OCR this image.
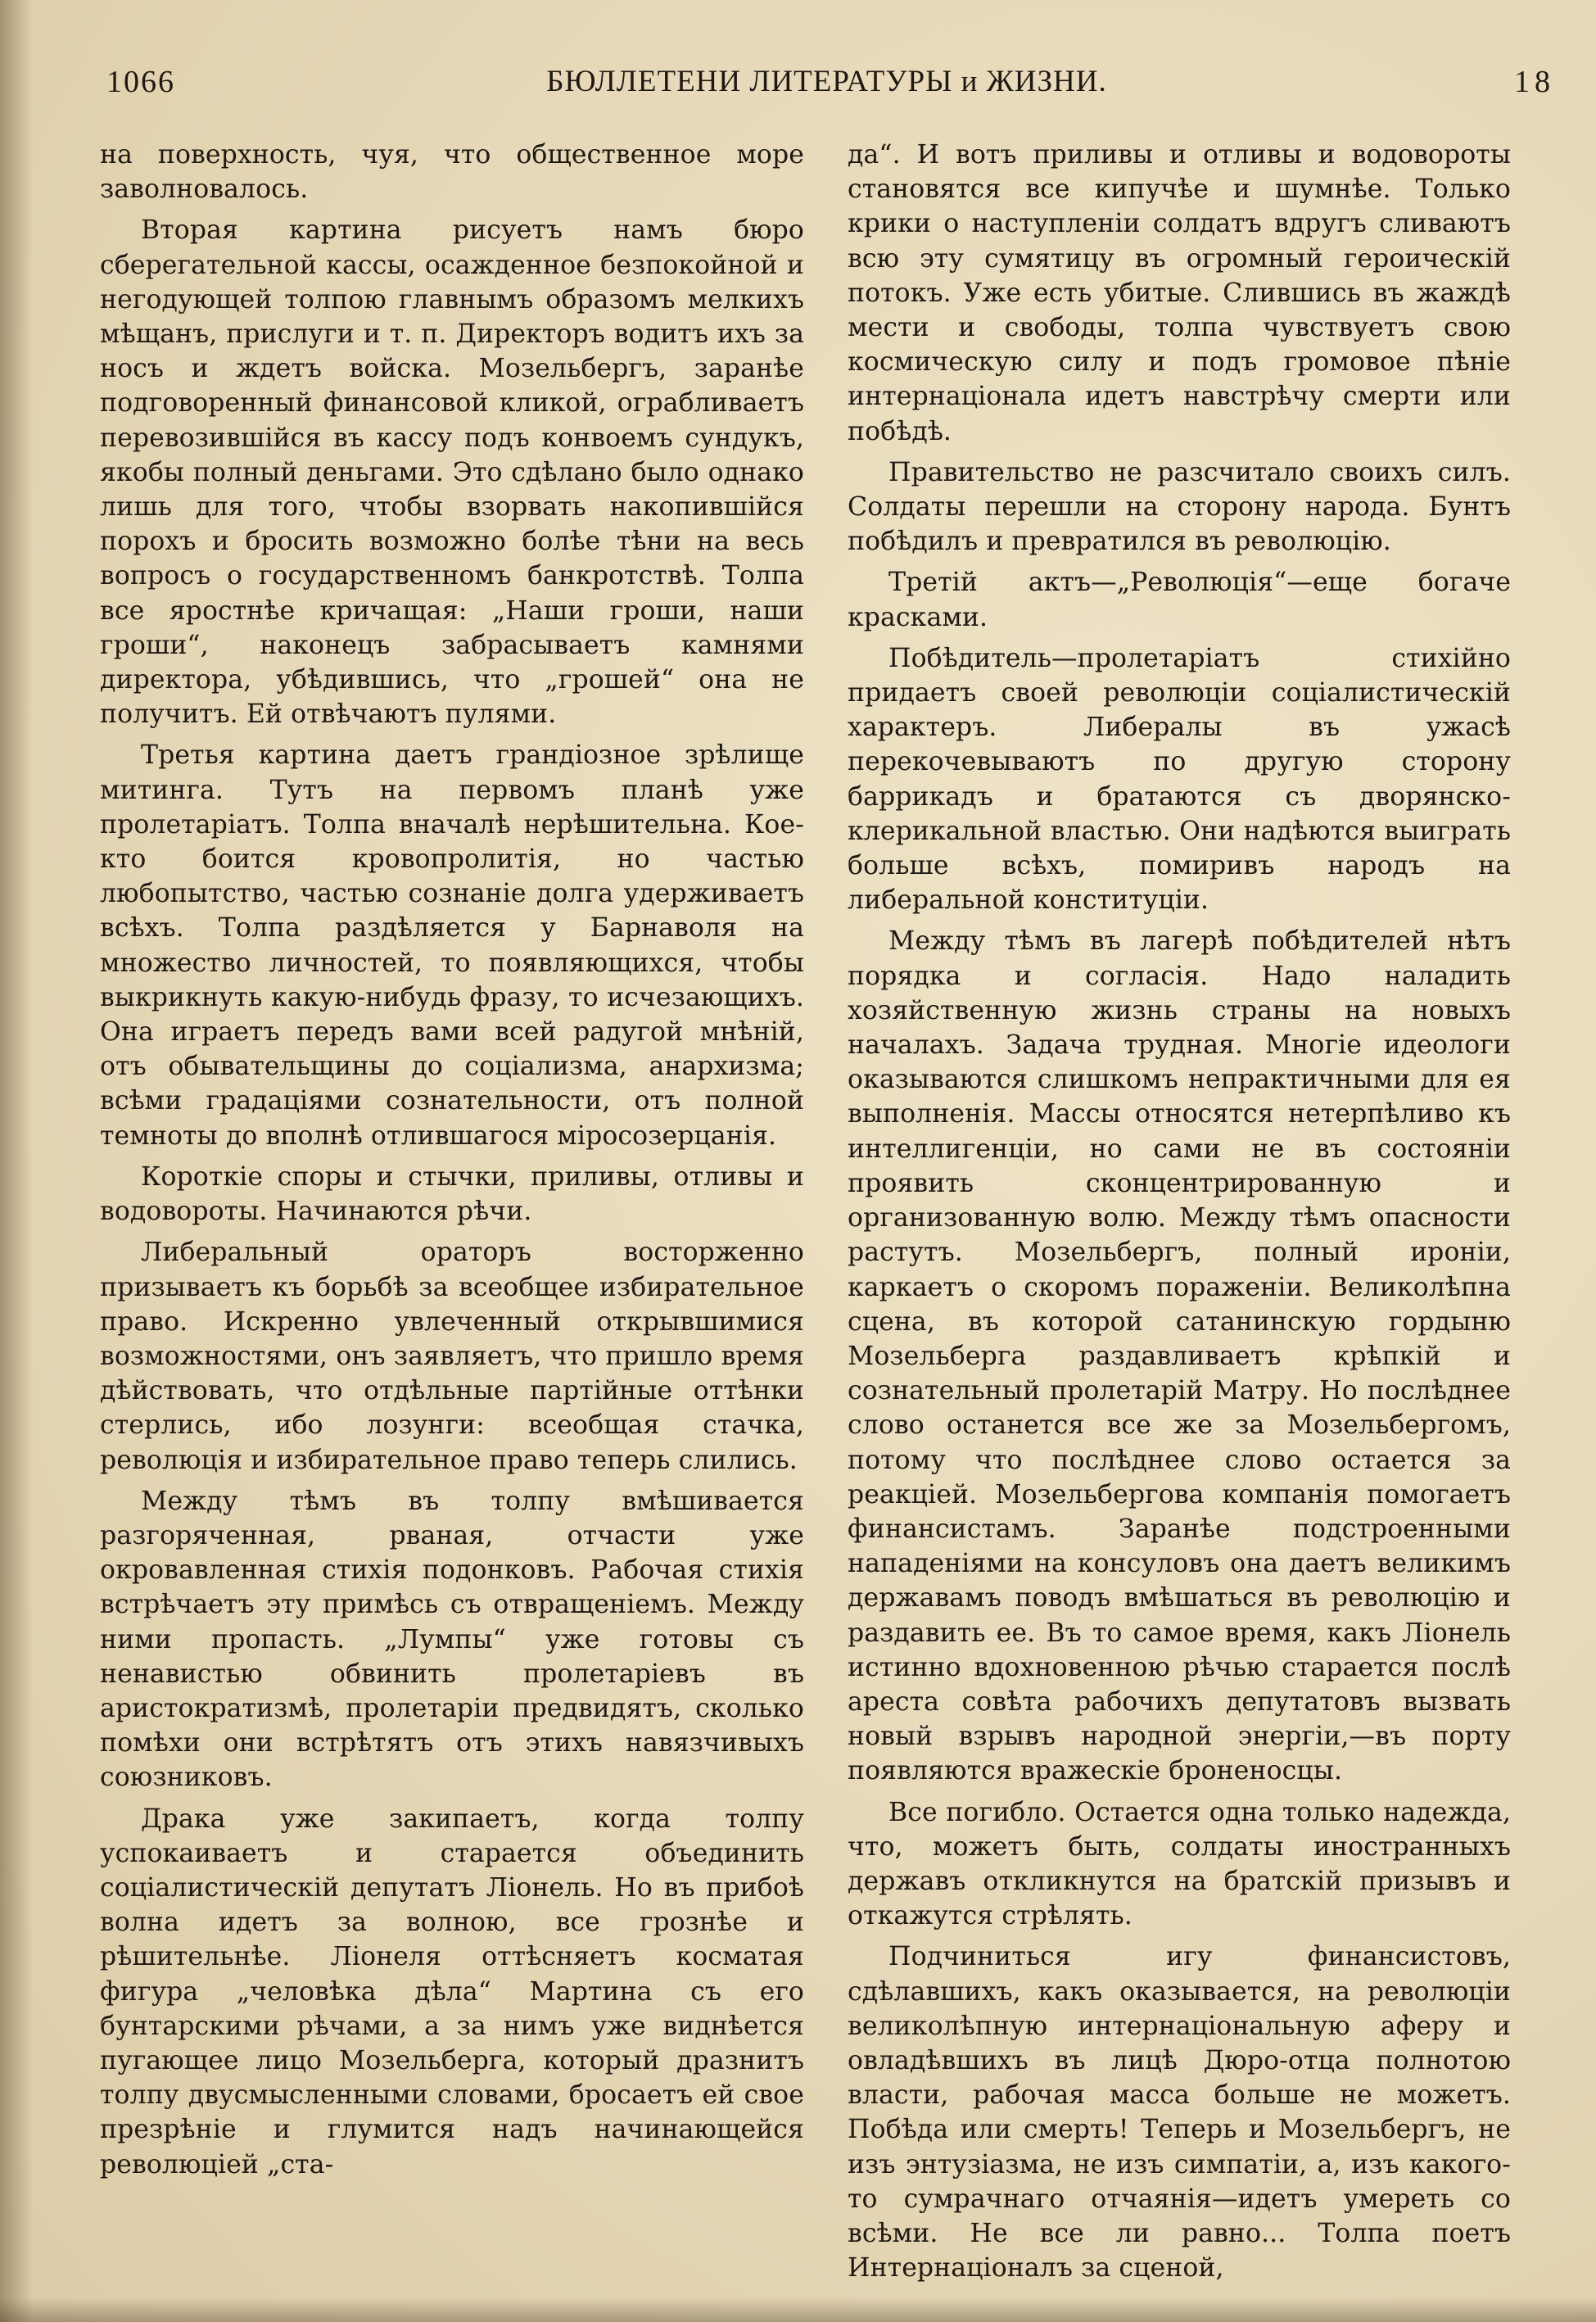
1066	БЮЛЛЕТЕНИ ЛИТЕРАТУРЫ и ЖИЗНИ.	18

на поверхность, чуя, что общественное море заволновалось.

Вторая картина рисуетъ намъ бюро сберегательной кассы, осажденное безпокойной и негодующей толпою главнымъ образомъ мелкихъ мѣщанъ, прислуги и т. п. Директоръ водитъ ихъ за носъ и ждетъ войска. Мозельбергъ, заранѣе подговоренный финансовой кликой, ограбливаетъ перевозившiйся въ кассу подъ конвоемъ сундукъ, якобы полный деньгами. Это сдѣлано было однако лишь для того, чтобы взорвать накопившiйся порохъ и бросить возможно болѣе тѣни на весь вопросъ о государственномъ банкротствѣ. Толпа все яростнѣе кричащая: „Наши гроши, наши гроши“, наконецъ забрасываетъ камнями директора, убѣдившись, что „грошей“ она не получитъ. Ей отвѣчаютъ пулями.

Третья картина даетъ грандiозное зрѣлище митинга. Тутъ на первомъ планѣ уже пролетарiатъ. Толпа вначалѣ нерѣшительна. Кое-кто боится кровопролитiя, но частью любопытство, частью сознанiе долга удерживаетъ всѣхъ. Толпа раздѣляется у Барнаволя на множество личностей, то появляющихся, чтобы выкрикнуть какую-нибудь фразу, то исчезающихъ. Она играетъ передъ вами всей радугой мнѣнiй, отъ обывательщины до соцiализма, анархизма; всѣми градацiями сознательности, отъ полной темноты до вполнѣ отлившагося мiросозерцанiя.

Короткiе споры и стычки, приливы, отливы и водовороты. Начинаются рѣчи.

Либеральный ораторъ восторженно призываетъ къ борьбѣ за всеобщее избирательное право. Искренно увлеченный открывшимися возможностями, онъ заявляетъ, что пришло время дѣйствовать, что отдѣльные партiйные оттѣнки стерлись, ибо лозунги: всеобщая стачка, революцiя и избирательное право теперь слились.

Между тѣмъ въ толпу вмѣшивается разгоряченная, рваная, отчасти уже окровавленная стихiя подонковъ. Рабочая стихiя встрѣчаетъ эту примѣсь съ отвращенiемъ. Между ними пропасть. „Лумпы“ уже готовы съ ненавистью обвинить пролетарiевъ въ аристократизмѣ, пролетарiи предвидятъ, сколько помѣхи они встрѣтятъ отъ этихъ навязчивыхъ союзниковъ.

Драка уже закипаетъ, когда толпу успокаиваетъ и старается объединить соцiалистическiй депутатъ Лiонель. Но въ прибоѣ волна идетъ за волною, все грознѣе и рѣшительнѣе. Лiонеля оттѣсняетъ косматая фигура „человѣка дѣла“ Мартина съ его бунтарскими рѣчами, а за нимъ уже виднѣется пугающее лицо Мозельберга, который дразнитъ толпу двусмысленными словами, бросаетъ ей свое презрѣнiе и глумится надъ начинающейся революцiей „ста-

да“. И вотъ приливы и отливы и водовороты становятся все кипучѣе и шумнѣе. Только крики о наступленiи солдатъ вдругъ сливаютъ всю эту сумятицу въ огромный героическiй потокъ. Уже есть убитые. Слившись въ жаждѣ мести и свободы, толпа чувствуетъ свою космическую силу и подъ громовое пѣнiе интернацiонала идетъ навстрѣчу смерти или побѣдѣ.

Правительство не разсчитало своихъ силъ. Солдаты перешли на сторону народа. Бунтъ побѣдилъ и превратился въ революцiю.

Третiй актъ—„Революцiя“—еще богаче красками.

Побѣдитель—пролетарiатъ стихiйно придаетъ своей революцiи соцiалистическiй характеръ. Либералы въ ужасѣ перекочевываютъ по другую сторону баррикадъ и братаются съ дворянско-клерикальной властью. Они надѣются выиграть больше всѣхъ, помиривъ народъ на либеральной конституцiи.

Между тѣмъ въ лагерѣ побѣдителей нѣтъ порядка и согласiя. Надо наладить хозяйственную жизнь страны на новыхъ началахъ. Задача трудная. Многiе идеологи оказываются слишкомъ непрактичными для ея выполненiя. Массы относятся нетерпѣливо къ интеллигенцiи, но сами не въ состоянiи проявить сконцентрированную и организованную волю. Между тѣмъ опасности растутъ. Мозельбергъ, полный иронiи, каркаетъ о скоромъ пораженiи. Великолѣпна сцена, въ которой сатанинскую гордыню Мозельберга раздавливаетъ крѣпкiй и сознательный пролетарiй Матру. Но послѣднее слово останется все же за Мозельбергомъ, потому что послѣднее слово остается за реакцiей. Мозельбергова компанiя помогаетъ финансистамъ. Заранѣе подстроенными нападенiями на консуловъ она даетъ великимъ державамъ поводъ вмѣшаться въ революцiю и раздавить ее. Въ то самое время, какъ Лiонель истинно вдохновенною рѣчью старается послѣ ареста совѣта рабочихъ депутатовъ вызвать новый взрывъ народной энергiи,—въ порту появляются вражескiе броненосцы.

Все погибло. Остается одна только надежда, что, можетъ быть, солдаты иностранныхъ державъ откликнутся на братскiй призывъ и откажутся стрѣлять.

Подчиниться игу финансистовъ, сдѣлавшихъ, какъ оказывается, на революцiи великолѣпную интернацiональную аферу и овладѣвшихъ въ лицѣ Дюро-отца полнотою власти, рабочая масса больше не можетъ. Побѣда или смерть! Теперь и Мозельбергъ, не изъ энтузiазма, не изъ симпатiи, а, изъ какого-то сумрачнаго отчаянiя—идетъ умереть со всѣми. Не все ли равно... Толпа поетъ Интернацiоналъ за сценой,
